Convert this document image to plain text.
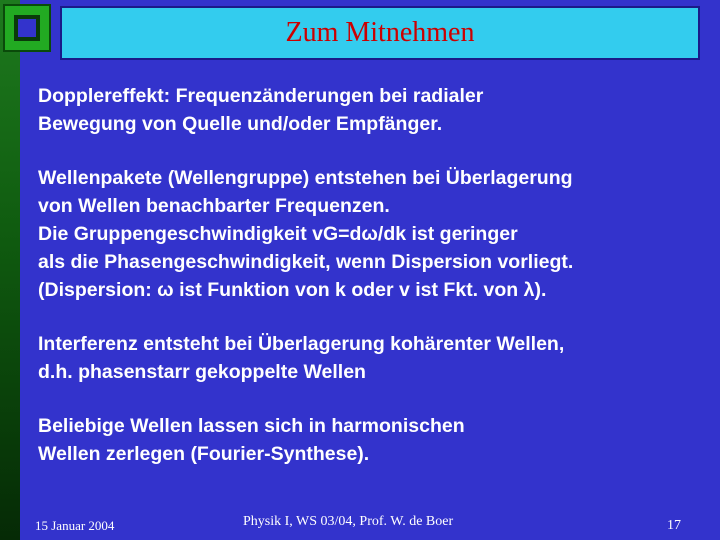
Zum Mitnehmen
Dopplereffekt: Frequenzänderungen bei radialer
Bewegung von Quelle und/oder Empfänger.
Wellenpakete (Wellengruppe) entstehen bei Überlagerung
von Wellen benachbarter Frequenzen.
Die Gruppengeschwindigkeit vG=dω/dk ist geringer
als die Phasengeschwindigkeit, wenn Dispersion vorliegt.
(Dispersion: ω ist Funktion von k oder v ist Fkt. von λ).
Interferenz entsteht bei Überlagerung kohärenter Wellen,
d.h. phasenstarr gekoppelte Wellen
Beliebige Wellen lassen sich in harmonischen
Wellen zerlegen (Fourier-Synthese).
15 Januar 2004	Physik I, WS 03/04, Prof. W. de Boer	17
